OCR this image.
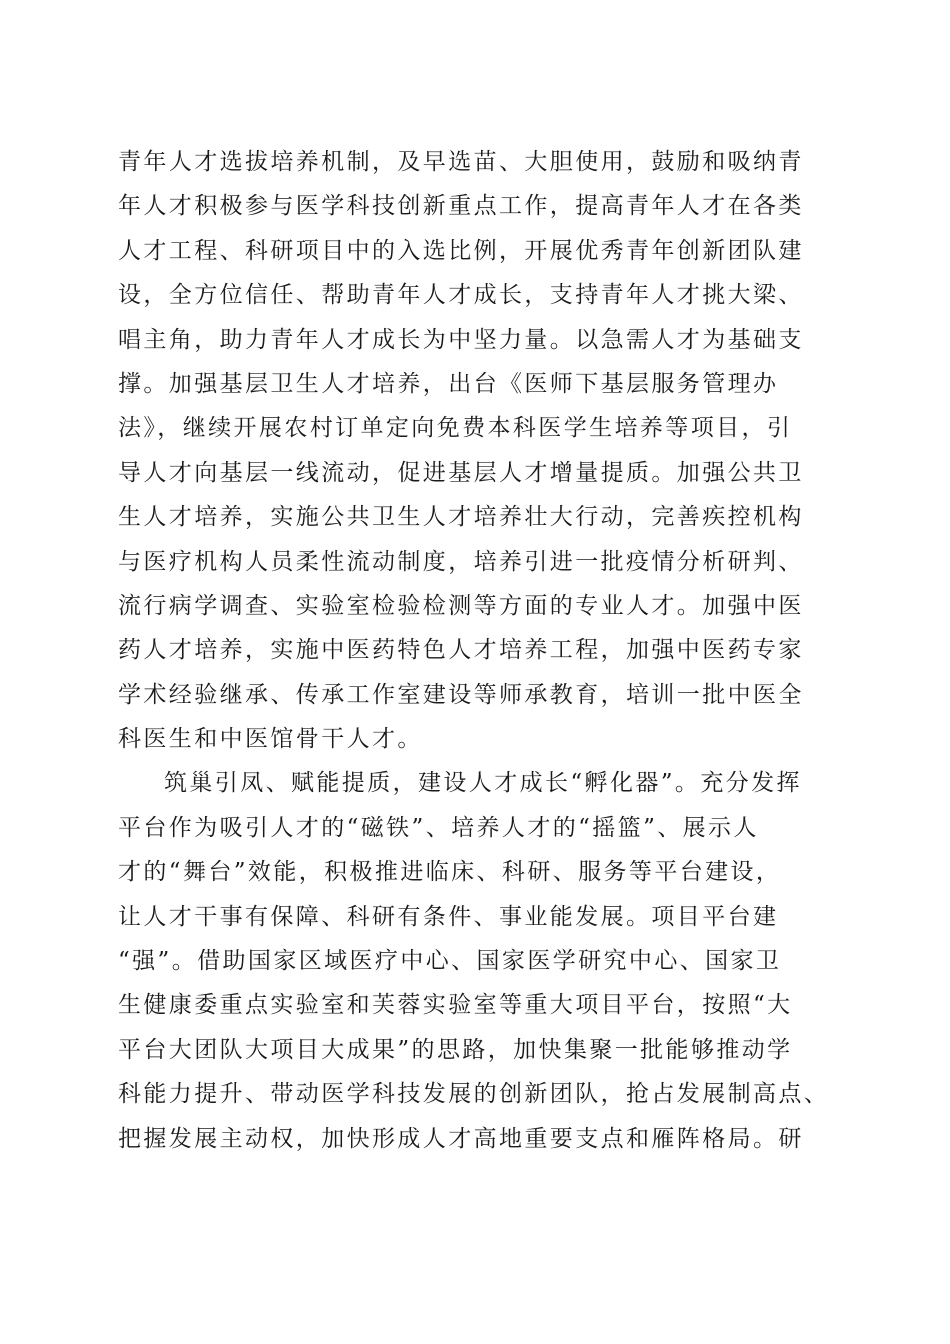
青年人才选拔培养机制，及早选苗、大胆使用，鼓励和吸纳青
年人才积极参与医学科技创新重点工作，提高青年人才在各类
人才工程、科研项目中的入选比例，开展优秀青年创新团队建
设，全方位信任、帮助青年人才成长，支持青年人才挑大梁、
唱主角，助力青年人才成长为中坚力量。以急需人才为基础支
撑。加强基层卫生人才培养，出台《医师下基层服务管理办
法》，继续开展农村订单定向免费本科医学生培养等项目，引
导人才向基层一线流动，促进基层人才增量提质。加强公共卫
生人才培养，实施公共卫生人才培养壮大行动，完善疾控机构
与医疗机构人员柔性流动制度，培养引进一批疫情分析研判、
流行病学调查、实验室检验检测等方面的专业人才。加强中医
药人才培养，实施中医药特色人才培养工程，加强中医药专家
学术经验继承、传承工作室建设等师承教育，培训一批中医全
科医生和中医馆骨干人才。
筑巢引凤、赋能提质，建设人才成长“孵化器”。充分发挥
平台作为吸引人才的“磁铁”、培养人才的“摇篮”、展示人
才的“舞台”效能，积极推进临床、科研、服务等平台建设，
让人才干事有保障、科研有条件、事业能发展。项目平台建
“强”。借助国家区域医疗中心、国家医学研究中心、国家卫
生健康委重点实验室和芙蓉实验室等重大项目平台，按照“大
平台大团队大项目大成果”的思路，加快集聚一批能够推动学
科能力提升、带动医学科技发展的创新团队，抢占发展制高点、
把握发展主动权，加快形成人才高地重要支点和雁阵格局。研
